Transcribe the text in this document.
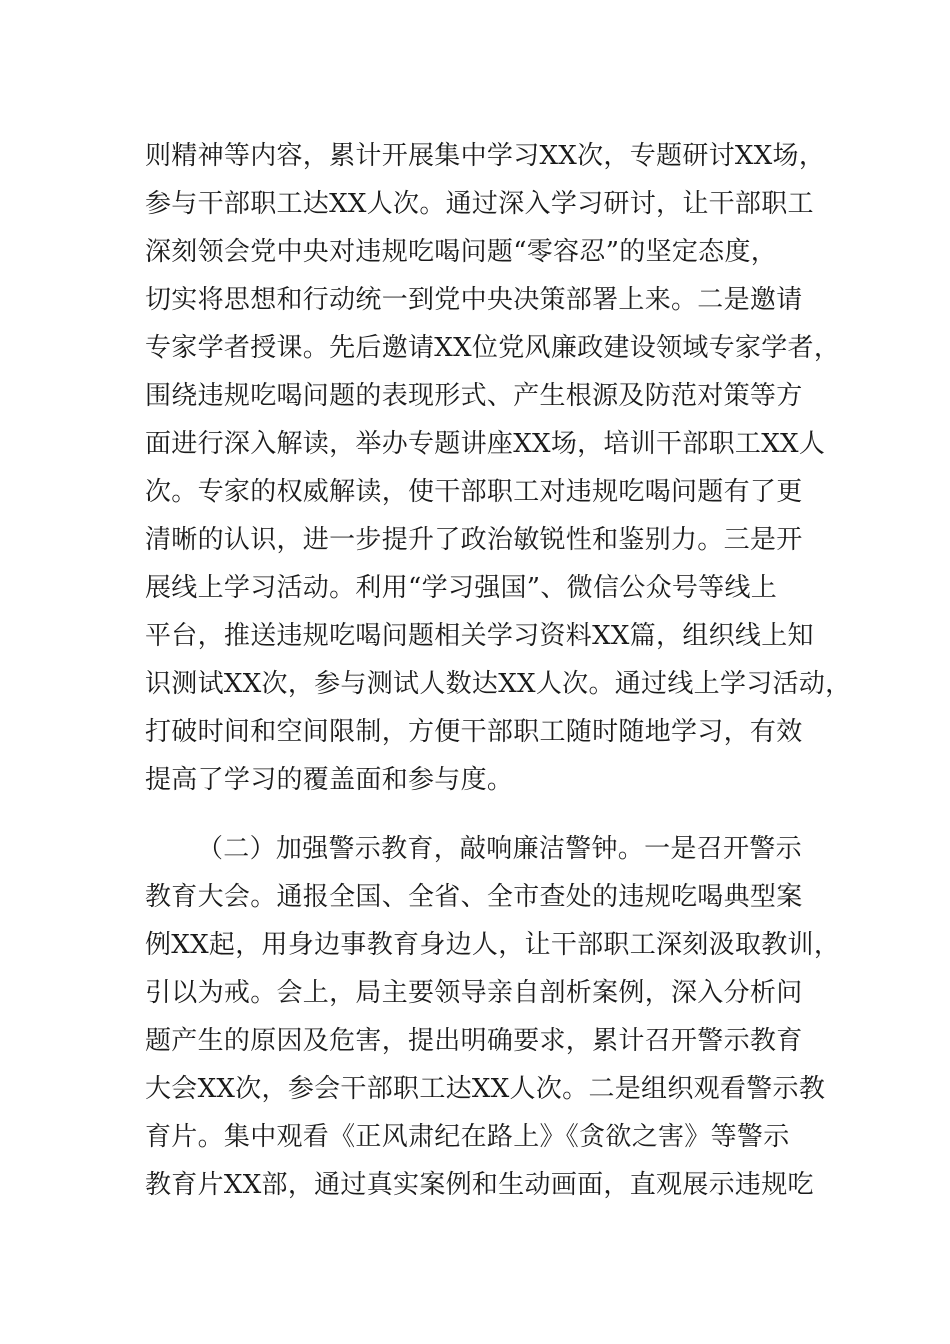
则精神等内容，累计开展集中学习XX次，专题研讨XX场，
参与干部职工达XX人次。通过深入学习研讨，让干部职工
深刻领会党中央对违规吃喝问题“零容忍”的坚定态度，
切实将思想和行动统一到党中央决策部署上来。二是邀请
专家学者授课。先后邀请XX位党风廉政建设领域专家学者，
围绕违规吃喝问题的表现形式、产生根源及防范对策等方
面进行深入解读，举办专题讲座XX场，培训干部职工XX人
次。专家的权威解读，使干部职工对违规吃喝问题有了更
清晰的认识，进一步提升了政治敏锐性和鉴别力。三是开
展线上学习活动。利用“学习强国”、微信公众号等线上
平台，推送违规吃喝问题相关学习资料XX篇，组织线上知
识测试XX次，参与测试人数达XX人次。通过线上学习活动，
打破时间和空间限制，方便干部职工随时随地学习，有效
提高了学习的覆盖面和参与度。
（二）加强警示教育，敲响廉洁警钟。一是召开警示
教育大会。通报全国、全省、全市查处的违规吃喝典型案
例XX起，用身边事教育身边人，让干部职工深刻汲取教训，
引以为戒。会上，局主要领导亲自剖析案例，深入分析问
题产生的原因及危害，提出明确要求，累计召开警示教育
大会XX次，参会干部职工达XX人次。二是组织观看警示教
育片。集中观看《正风肃纪在路上》《贪欲之害》等警示
教育片XX部，通过真实案例和生动画面，直观展示违规吃
